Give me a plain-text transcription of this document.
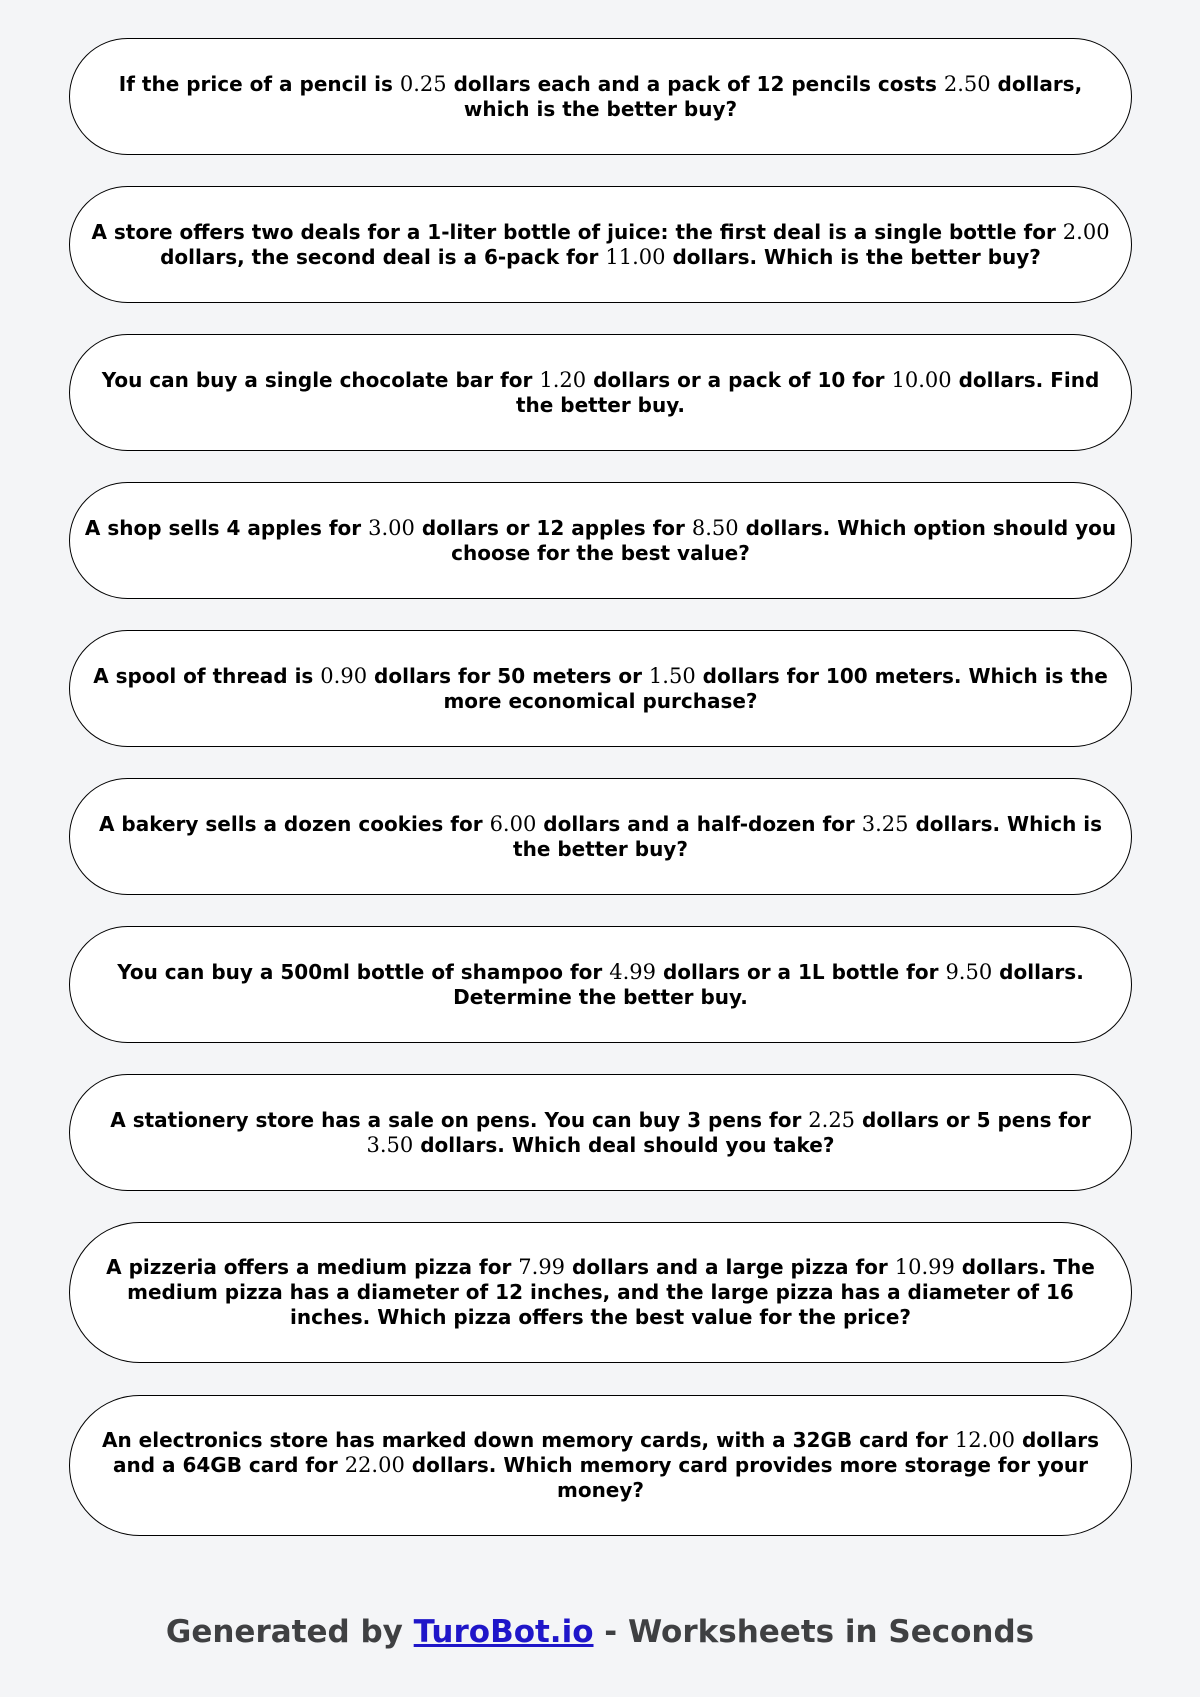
If the price of a pencil is 0.25 dollars each and a pack of 12 pencils costs 2.50 dollars, which is the better buy?
A store offers two deals for a 1-liter bottle of juice: the first deal is a single bottle for 2.00 dollars, the second deal is a 6-pack for 11.00 dollars. Which is the better buy?
You can buy a single chocolate bar for 1.20 dollars or a pack of 10 for 10.00 dollars. Find the better buy.
A shop sells 4 apples for 3.00 dollars or 12 apples for 8.50 dollars. Which option should you choose for the best value?
A spool of thread is 0.90 dollars for 50 meters or 1.50 dollars for 100 meters. Which is the more economical purchase?
A bakery sells a dozen cookies for 6.00 dollars and a half-dozen for 3.25 dollars. Which is the better buy?
You can buy a 500ml bottle of shampoo for 4.99 dollars or a 1L bottle for 9.50 dollars. Determine the better buy.
A stationery store has a sale on pens. You can buy 3 pens for 2.25 dollars or 5 pens for 3.50 dollars. Which deal should you take?
A pizzeria offers a medium pizza for 7.99 dollars and a large pizza for 10.99 dollars. The medium pizza has a diameter of 12 inches, and the large pizza has a diameter of 16 inches. Which pizza offers the best value for the price?
An electronics store has marked down memory cards, with a 32GB card for 12.00 dollars and a 64GB card for 22.00 dollars. Which memory card provides more storage for your money?
Generated by TuroBot.io - Worksheets in Seconds
